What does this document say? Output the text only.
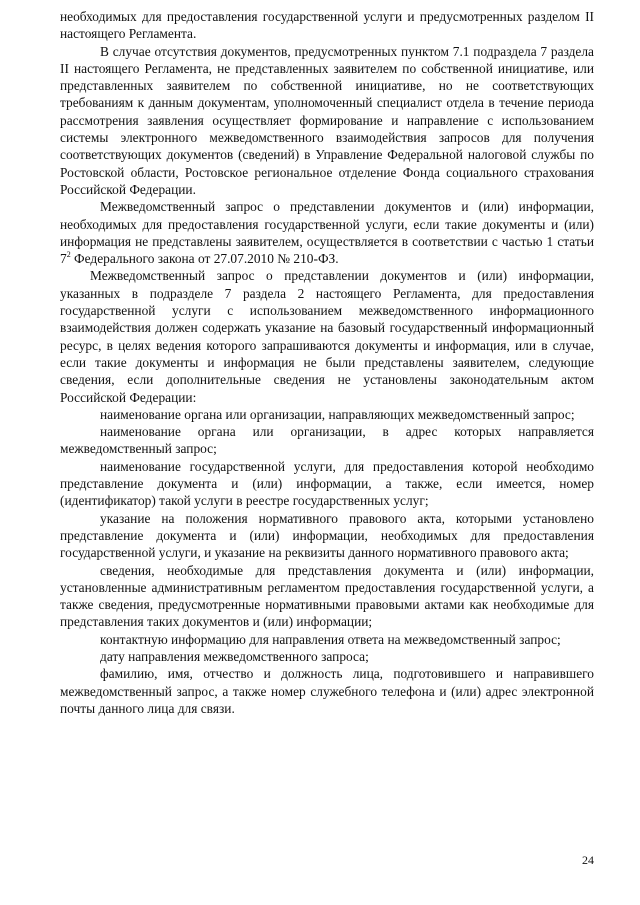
необходимых для предоставления государственной услуги и предусмотренных разделом II настоящего Регламента.

В случае отсутствия документов, предусмотренных пунктом 7.1 подраздела 7 раздела II настоящего Регламента, не представленных заявителем по собственной инициативе, или представленных заявителем по собственной инициативе, но не соответствующих требованиям к данным документам, уполномоченный специалист отдела в течение периода рассмотрения заявления осуществляет формирование и направление с использованием системы электронного межведомственного взаимодействия запросов для получения соответствующих документов (сведений) в Управление Федеральной налоговой службы по Ростовской области, Ростовское региональное отделение Фонда социального страхования Российской Федерации.

Межведомственный запрос о представлении документов и (или) информации, необходимых для предоставления государственной услуги, если такие документы и (или) информация не представлены заявителем, осуществляется в соответствии с частью 1 статьи $7^2$ Федерального закона от 27.07.2010 № 210-ФЗ.

Межведомственный запрос о представлении документов и (или) информации, указанных в подразделе 7 раздела 2 настоящего Регламента, для предоставления государственной услуги с использованием межведомственного информационного взаимодействия должен содержать указание на базовый государственный информационный ресурс, в целях ведения которого запрашиваются документы и информация, или в случае, если такие документы и информация не были представлены заявителем, следующие сведения, если дополнительные сведения не установлены законодательным актом Российской Федерации:

наименование органа или организации, направляющих межведомственный запрос;

наименование органа или организации, в адрес которых направляется межведомственный запрос;

наименование государственной услуги, для предоставления которой необходимо представление документа и (или) информации, а также, если имеется, номер (идентификатор) такой услуги в реестре государственных услуг;

указание на положения нормативного правового акта, которыми установлено представление документа и (или) информации, необходимых для предоставления государственной услуги, и указание на реквизиты данного нормативного правового акта;

сведения, необходимые для представления документа и (или) информации, установленные административным регламентом предоставления государственной услуги, а также сведения, предусмотренные нормативными правовыми актами как необходимые для представления таких документов и (или) информации;

контактную информацию для направления ответа на межведомственный запрос;

дату направления межведомственного запроса;

фамилию, имя, отчество и должность лица, подготовившего и направившего межведомственный запрос, а также номер служебного телефона и (или) адрес электронной почты данного лица для связи.

24
